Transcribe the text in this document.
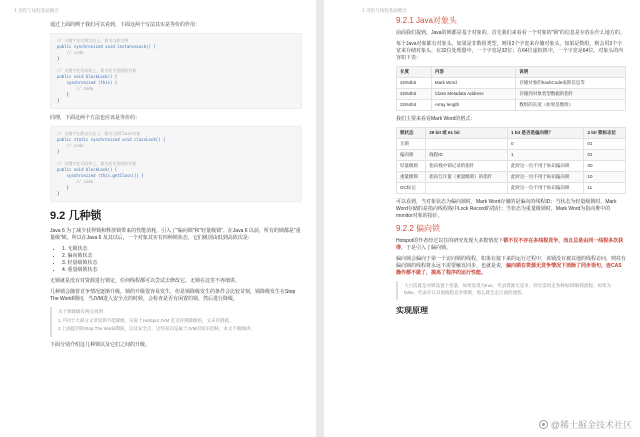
1 进程与线程基础概念

通过上面的例子我们可以看到，下面这两个写法其实是等价的作用：

// 关键字在实例方法上，锁为当前实例
public synchronized void instanceLock() {
// code
}

// 关键字在代码块上，锁为括号里面的对象
public void blockLock() {
synchronized (this) {
// code
}
}

同理，下面这两个方法也应该是等价的：

// 关键字在静态方法上，锁为当前Class对象
public static synchronized void classLock() {
// code
}

// 关键字在代码块上，锁为括号里面的对象
public void blockLock() {
synchronized (this.getClass()) {
// code
}
}
9.2 几种锁

Java 6 为了减少获得锁和释放锁带来的性能消耗，引入了“偏向锁”和“轻量级锁”。在Java 6 以前，所有的锁都是“重量级”锁。所以在Java 6 及其以后，一个对象其实有四种锁状态，它们级别由低到高依次是：

• 1. 无锁状态
• 2. 偏向锁状态
• 3. 轻量级锁状态
• 4. 重量级锁状态

无锁就是没有对资源进行锁定，任何线程都可以尝试去修改它，无锁在这里不再细讲。

几种锁会随着竞争情况逐渐升级，锁的升级很容易发生，但是锁降级发生的条件会比较苛刻，锁降级发生在Stop The World期间，当JVM进入安全点的时候，会检查是否有闲置的锁，然后进行降级。

关于锁降级有两点说明：

1.不同于大部分文章说锁不能降级，实际上HotSpot JVM 是支持锁降级的，文末有链接。

2.上面提到的Stop The World期间，以及安全点，这些知识是属于JVM的知识范畴，本文不做细讲。

下面分别介绍这几种锁以及它们之间的升级。

1 进程与线程基础概念
9.2.1 Java对象头

前面我们提到，Java的锁都是基于对象的。首先我们来看看一个对象的“锁”的信息是存放在什么地方的。

每个Java对象都有对象头。如果是非数组类型，则用2个字宽来存储对象头，如果是数组，则会用3个字宽来存储对象头。在32位处理器中，一个字宽是32位；在64位虚拟机中，一个字宽是64位。对象头的内容如下表：

长度	内容	说明
32/64bit	Mark Word	存储对象的hashCode或锁信息等
32/64bit	Class Metadata Address	存储到对象类型数据的指针
32/64bit	Array length	数组的长度（如果是数组）

我们主要来看看Mark Word的格式：

锁状态	29 bit 或 61 bit	1 bit 是否是偏向锁？	2 bit 锁标志位
无锁		0	01
偏向锁	线程ID	1	01
轻量级锁	指向栈中锁记录的指针	此时这一位不用于标识偏向锁	00
重量级锁	指向互斥量（重量级锁）的指针	此时这一位不用于标识偏向锁	10
GC标记		此时这一位不用于标识偏向锁	11

可以看到，当对象状态为偏向锁时，Mark Word存储的是偏向的线程ID；当状态为轻量级锁时，Mark Word存储的是指向线程栈中Lock Record的指针；当状态为重量级锁时，Mark Word为指向堆中的monitor对象的指针。

9.2.2 偏向锁

Hotspot的作者经过以往的研究发现大多数情况下锁不仅不存在多线程竞争，而且总是由同一线程多次获得，于是引入了偏向锁。

偏向锁会偏向于第一个访问锁的线程，如果在接下来的运行过程中，该锁没有被其他的线程访问，则持有偏向锁的线程将永远不需要触发同步。也就是说，偏向锁在资源无竞争情况下消除了同步语句，连CAS操作都不做了，提高了程序的运行性能。

大白话就是对锁设置个变量，如果发现为true，代表资源无竞争，则无需再走各种加锁/解锁流程。如果为false，代表存在其他线程竞争资源，那么就会走后面的流程。

实现原理
@稀土掘金技术社区
